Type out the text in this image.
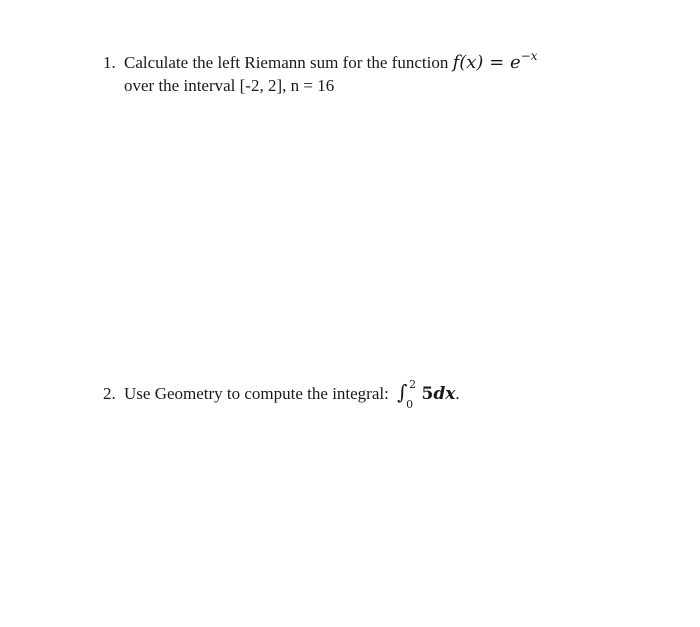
1. Calculate the left Riemann sum for the function $f(x) = e^{-x}$
over the interval [-2, 2], n = 16
2. Use Geometry to compute the integral: ∫ 2
0
5dx.
